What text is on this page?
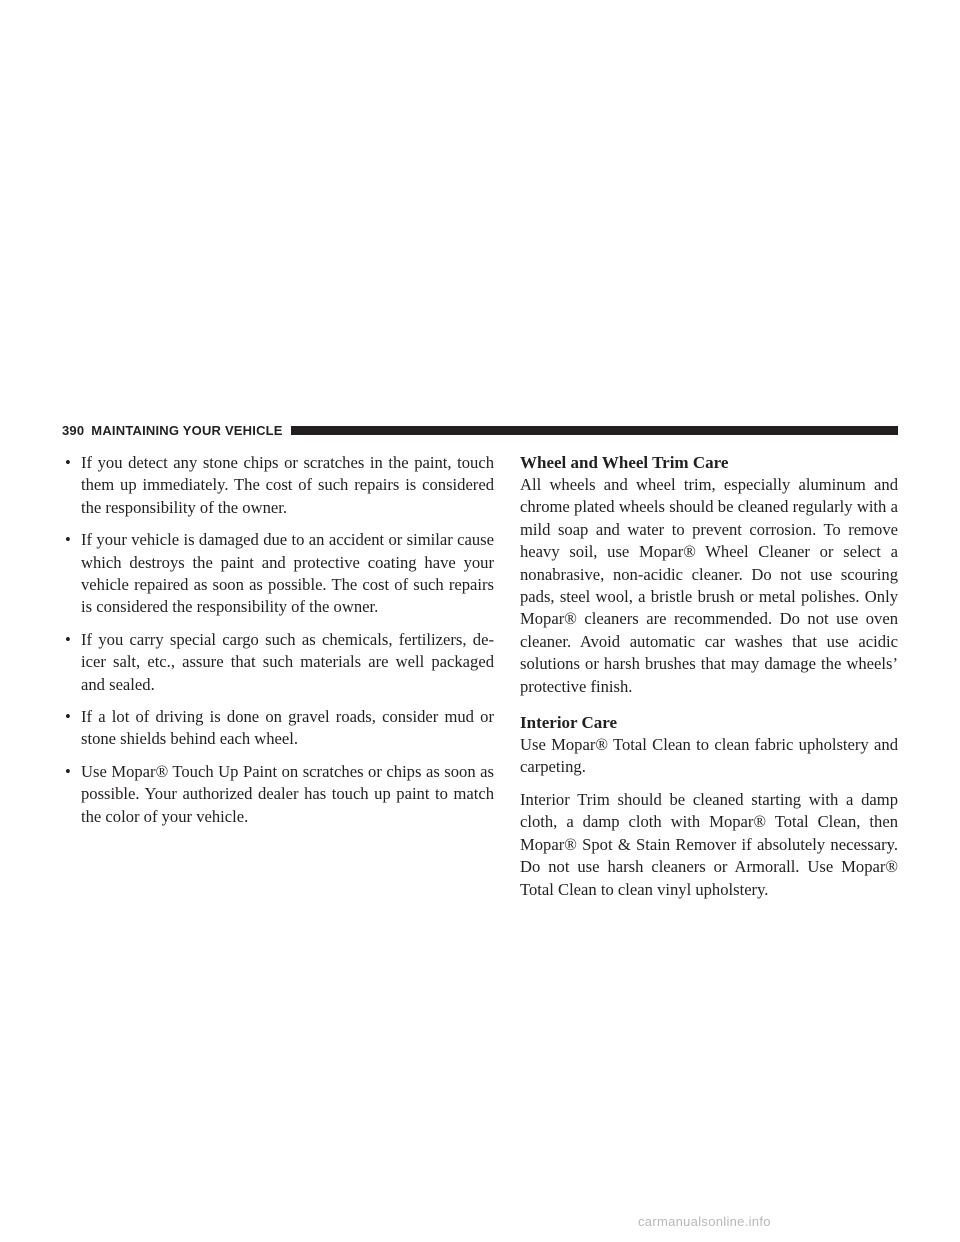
390 MAINTAINING YOUR VEHICLE
• If you detect any stone chips or scratches in the paint, touch them up immediately. The cost of such repairs is considered the responsibility of the owner.
• If your vehicle is damaged due to an accident or similar cause which destroys the paint and protective coating have your vehicle repaired as soon as possible. The cost of such repairs is considered the responsibility of the owner.
• If you carry special cargo such as chemicals, fertilizers, de-icer salt, etc., assure that such materials are well packaged and sealed.
• If a lot of driving is done on gravel roads, consider mud or stone shields behind each wheel.
• Use Mopar® Touch Up Paint on scratches or chips as soon as possible. Your authorized dealer has touch up paint to match the color of your vehicle.
Wheel and Wheel Trim Care

All wheels and wheel trim, especially aluminum and chrome plated wheels should be cleaned regularly with a mild soap and water to prevent corrosion. To remove heavy soil, use Mopar® Wheel Cleaner or select a nonabrasive, non-acidic cleaner. Do not use scouring pads, steel wool, a bristle brush or metal polishes. Only Mopar® cleaners are recommended. Do not use oven cleaner. Avoid automatic car washes that use acidic solutions or harsh brushes that may damage the wheels’ protective finish.

Interior Care

Use Mopar® Total Clean to clean fabric upholstery and carpeting.

Interior Trim should be cleaned starting with a damp cloth, a damp cloth with Mopar® Total Clean, then Mopar® Spot & Stain Remover if absolutely necessary. Do not use harsh cleaners or Armorall. Use Mopar® Total Clean to clean vinyl upholstery.

carmanualsonline.info
